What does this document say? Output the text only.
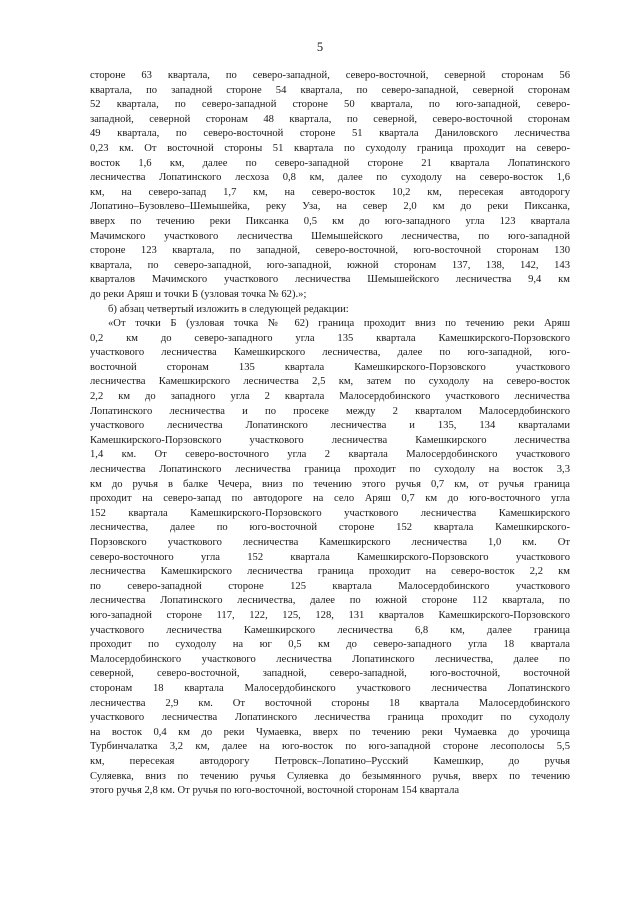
5
стороне 63 квартала, по северо-западной, северо-восточной, северной сторонам 56
квартала, по западной стороне 54 квартала, по северо-западной, северной сторонам
52 квартала, по северо-западной стороне 50 квартала, по юго-западной, северо-
западной, северной сторонам 48 квартала, по северной, северо-восточной сторонам
49 квартала, по северо-восточной стороне 51 квартала Даниловского лесничества
0,23 км. От восточной стороны 51 квартала по суходолу граница проходит на северо-
восток 1,6 км, далее по северо-западной стороне 21 квартала Лопатинского
лесничества Лопатинского лесхоза 0,8 км, далее по суходолу на северо-восток 1,6
км, на северо-запад 1,7 км, на северо-восток 10,2 км, пересекая автодорогу
Лопатино–Бузовлево–Шемышейка, реку Уза, на север 2,0 км до реки Пиксанка,
вверх по течению реки Пиксанка 0,5 км до юго-западного угла 123 квартала
Мачимского участкового лесничества Шемышейского лесничества, по юго-западной
стороне 123 квартала, по западной, северо-восточной, юго-восточной сторонам 130
квартала, по северо-западной, юго-западной, южной сторонам 137, 138, 142, 143
кварталов Мачимского участкового лесничества Шемышейского лесничества 9,4 км
до реки Аряш и точки Б (узловая точка № 62).»;
б) абзац четвертый изложить в следующей редакции:
«От точки Б (узловая точка № 62) граница проходит вниз по течению реки Аряш
0,2 км до северо-западного угла 135 квартала Камешкирского-Порзовского
участкового лесничества Камешкирского лесничества, далее по юго-западной, юго-
восточной сторонам 135 квартала Камешкирского-Порзовского участкового
лесничества Камешкирского лесничества 2,5 км, затем по суходолу на северо-восток
2,2 км до западного угла 2 квартала Малосердобинского участкового лесничества
Лопатинского лесничества и по просеке между 2 кварталом Малосердобинского
участкового лесничества Лопатинского лесничества и 135, 134 кварталами
Камешкирского-Порзовского участкового лесничества Камешкирского лесничества
1,4 км. От северо-восточного угла 2 квартала Малосердобинского участкового
лесничества Лопатинского лесничества граница проходит по суходолу на восток 3,3
км до ручья в балке Чечера, вниз по течению этого ручья 0,7 км, от ручья граница
проходит на северо-запад по автодороге на село Аряш 0,7 км до юго-восточного угла
152 квартала Камешкирского-Порзовского участкового лесничества Камешкирского
лесничества, далее по юго-восточной стороне 152 квартала Камешкирского-
Порзовского участкового лесничества Камешкирского лесничества 1,0 км. От
северо-восточного угла 152 квартала Камешкирского-Порзовского участкового
лесничества Камешкирского лесничества граница проходит на северо-восток 2,2 км
по северо-западной стороне 125 квартала Малосердобинского участкового
лесничества Лопатинского лесничества, далее по южной стороне 112 квартала, по
юго-западной стороне 117, 122, 125, 128, 131 кварталов Камешкирского-Порзовского
участкового лесничества Камешкирского лесничества 6,8 км, далее граница
проходит по суходолу на юг 0,5 км до северо-западного угла 18 квартала
Малосердобинского участкового лесничества Лопатинского лесничества, далее по
северной, северо-восточной, западной, северо-западной, юго-восточной, восточной
сторонам 18 квартала Малосердобинского участкового лесничества Лопатинского
лесничества 2,9 км. От восточной стороны 18 квартала Малосердобинского
участкового лесничества Лопатинского лесничества граница проходит по суходолу
на восток 0,4 км до реки Чумаевка, вверх по течению реки Чумаевка до урочища
Турбинчалатка 3,2 км, далее на юго-восток по юго-западной стороне лесополосы 5,5
км, пересекая автодорогу Петровск–Лопатино–Русский Камешкир, до ручья
Суляевка, вниз по течению ручья Суляевка до безымянного ручья, вверх по течению
этого ручья 2,8 км. От ручья по юго-восточной, восточной сторонам 154 квартала
